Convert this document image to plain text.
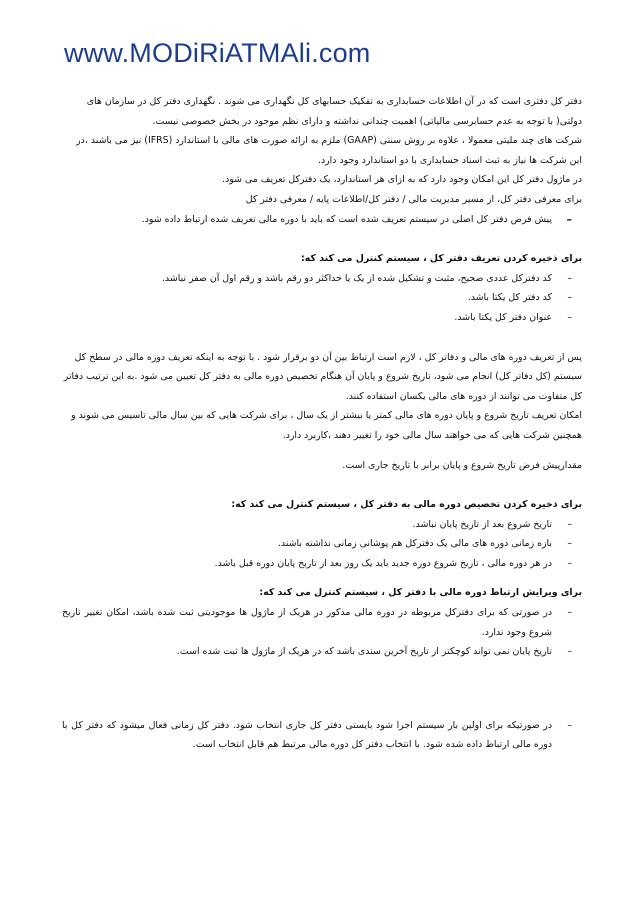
www.MODiRiATMAli.com

دفتر کل دفتری است که در آن اطلاعات حسابداری به تفکیک حسابهای کل نگهداری می شوند . نگهداری دفتر کل در سازمان های

دولتی( با توجه به عدم حسابرسی مالیاتی) اهمیت چندانی نداشته و دارای نظم موجود در بخش خصوصی نیست.

شرکت های چند ملیتی معمولا ، علاوه بر روش سنتی (GAAP) ملزم به ارائه صورت های مالی با استاندارد (IFRS) نیز می باشند ،در

این شرکت ها نیاز به ثبت اسناد حسابداری با دو استاندارد وجود دارد.

در ماژول دفتر کل این امکان وجود دارد که به ازای هر استاندارد، یک دفترکل تعریف می شود.

برای معرفی دفتر کل، از مسیر مدیریت مالی / دفتر کل/اطلاعات پایه / معرفی دفتر کل

–
پیش فرض دفتر کل اصلی در سیستم تعریف شده است که باید با دوره مالی تعریف شده ارتباط داده شود.

برای ذخیره کردن تعریف دفتر کل ، سیستم کنترل می کند که:

–
کد دفترکل عددی صحیح، مثبت و تشکیل شده از یک یا حداکثر دو رقم باشد و رقم اول آن صفر نباشد.
–
کد دفتر کل یکتا باشد.
–
عنوان دفتر کل یکتا باشد.

پس از تعریف دوره های مالی و دفاتر کل ، لازم است ارتباط بین آن دو برقرار شود . با توجه به اینکه تعریف دوره مالی در سطح کل

سیستم (کل دفاتر کل) انجام می شود، تاریخ شروع و پایان آن هنگام تخصیص دوره مالی به دفتر کل تعیین می شود .به این ترتیب دفاتر

کل متفاوت می توانند از دوره های مالی یکسان استفاده کنند.

امکان تعریف تاریخ شروع و پایان دوره های مالی کمتر یا بیشتر از یک سال ، برای شرکت هایی که بین سال مالی تاسیس می شوند و

همچنین شرکت هایی که می خواهند سال مالی خود را تغییر دهند ،کاربرد دارد.

مقدارپیش فرض تاریخ شروع و پایان برابر با تاریخ جاری است.

برای ذخیره کردن تخصیص دوره مالی به دفتر کل ، سیستم کنترل می کند که:

–
تاریخ شروع بعد از تاریخ پایان نباشد.
–
بازه زمانی دوره های مالی یک دفترکل هم پوشانی زمانی نداشته باشند.
–
در هر دوره مالی ، تاریخ شروع دوره جدید باید یک روز بعد از تاریخ پایان دوره قبل باشد.

برای ویرایش ارتباط دوره مالی با دفتر کل ، سیستم کنترل می کند که:

–
در صورتی که برای دفترکل مربوطه در دوره مالی مذکور در هریک از ماژول ها موجودیتی ثبت شده باشد، امکان تغییر تاریخ شروع وجود ندارد.
–
تاریخ پایان نمی تواند کوچکتر از تاریخ آخرین سندی باشد که در هریک از ماژول ها ثبت شده است.
–
در صورتیکه برای اولین بار سیستم اجرا شود بایستی دفتر کل جاری انتخاب شود. دفتر کل زمانی فعال میشود که دفتر کل با دوره مالی ارتباط داده شده شود. با انتخاب دفتر کل دوره مالی مرتبط هم قابل انتخاب است.
